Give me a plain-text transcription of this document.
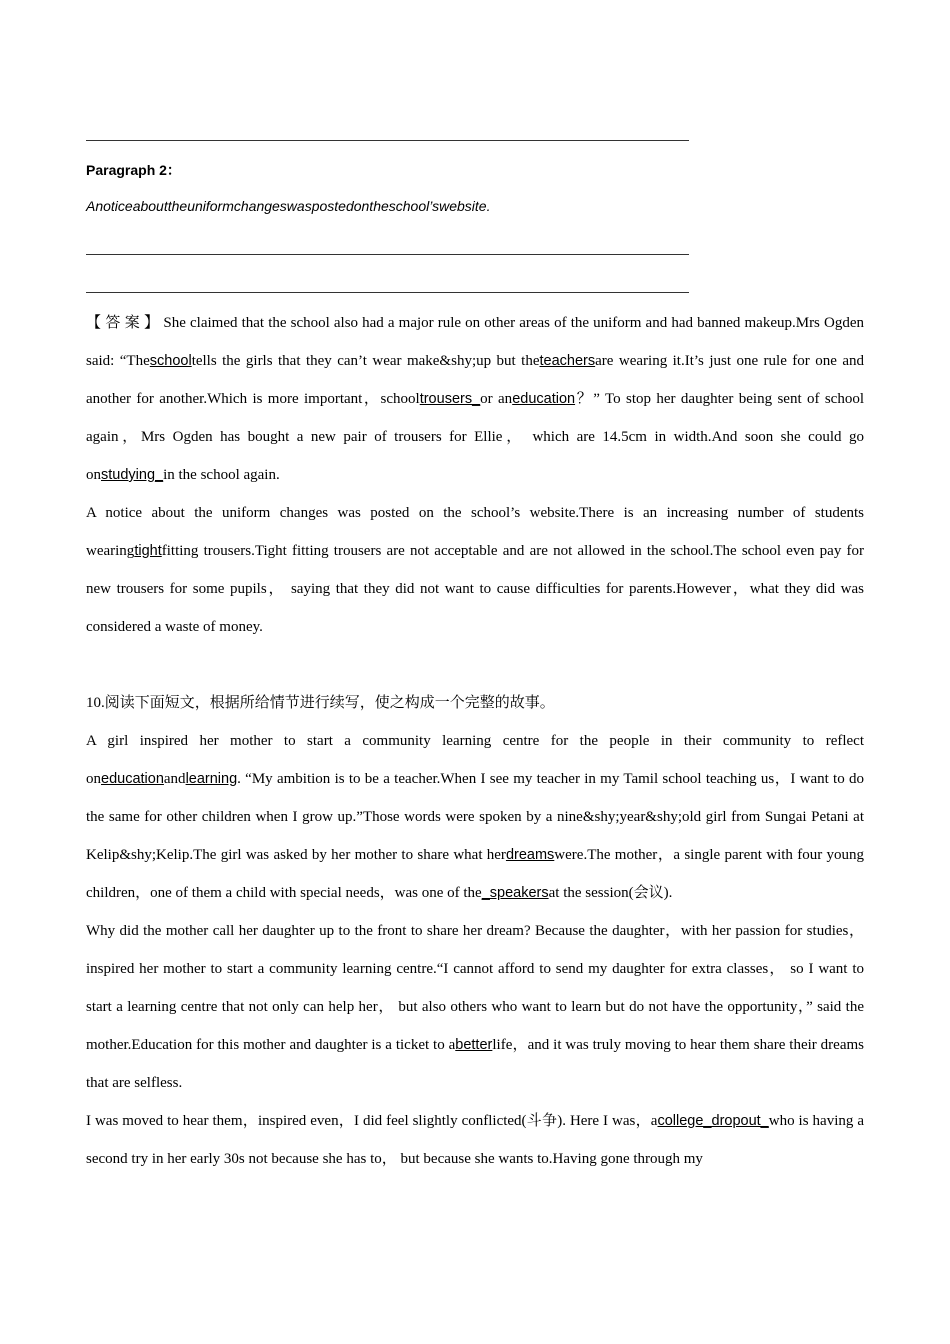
Paragraph 2：
Anoticeabouttheuniformchangeswaspostedontheschool’swebsite.

【答案】She claimed that the school also had a major rule on other areas of the uniform and had banned makeup.Mrs Ogden said: “Theschooltells the girls that they can’t wear make&shy;up but theteachersare wearing it.It’s just one rule for one and another for another.Which is more important，schooltrousers_or aneducation？” To stop her daughter being sent of school again，Mrs Ogden has bought a new pair of trousers for Ellie， which are 14.5cm in width.And soon she could go onstudying_in the school again.

A notice about the uniform changes was posted on the school’s website.There is an increasing number of students wearingtightfitting trousers.Tight fitting trousers are not acceptable and are not allowed in the school.The school even pay for new trousers for some pupils， saying that they did not want to cause difficulties for parents.However，what they did was considered a waste of money.

10.阅读下面短文，根据所给情节进行续写，使之构成一个完整的故事。

A girl inspired her mother to start a community learning centre for the people in their community to reflect oneducationandlearning. “My ambition is to be a teacher.When I see my teacher in my Tamil school teaching us，I want to do the same for other children when I grow up.”Those words were spoken by a nine&shy;year&shy;old girl from Sungai Petani at Kelip&shy;Kelip.The girl was asked by her mother to share what herdreamswere.The mother，a single parent with four young children，one of them a child with special needs，was one of the_speakersat the session(会议).

Why did the mother call her daughter up to the front to share her dream? Because the daughter，with her passion for studies， inspired her mother to start a community learning centre.“I cannot afford to send my daughter for extra classes， so I want to start a learning centre that not only can help her， but also others who want to learn but do not have the opportunity，” said the mother.Education for this mother and daughter is a ticket to abetterlife，and it was truly moving to hear them share their dreams that are selfless.

I was moved to hear them，inspired even，I did feel slightly conflicted(斗争). Here I was，acollege_dropout_who is having a second try in her early 30s not because she has to， but because she wants to.Having gone through my
